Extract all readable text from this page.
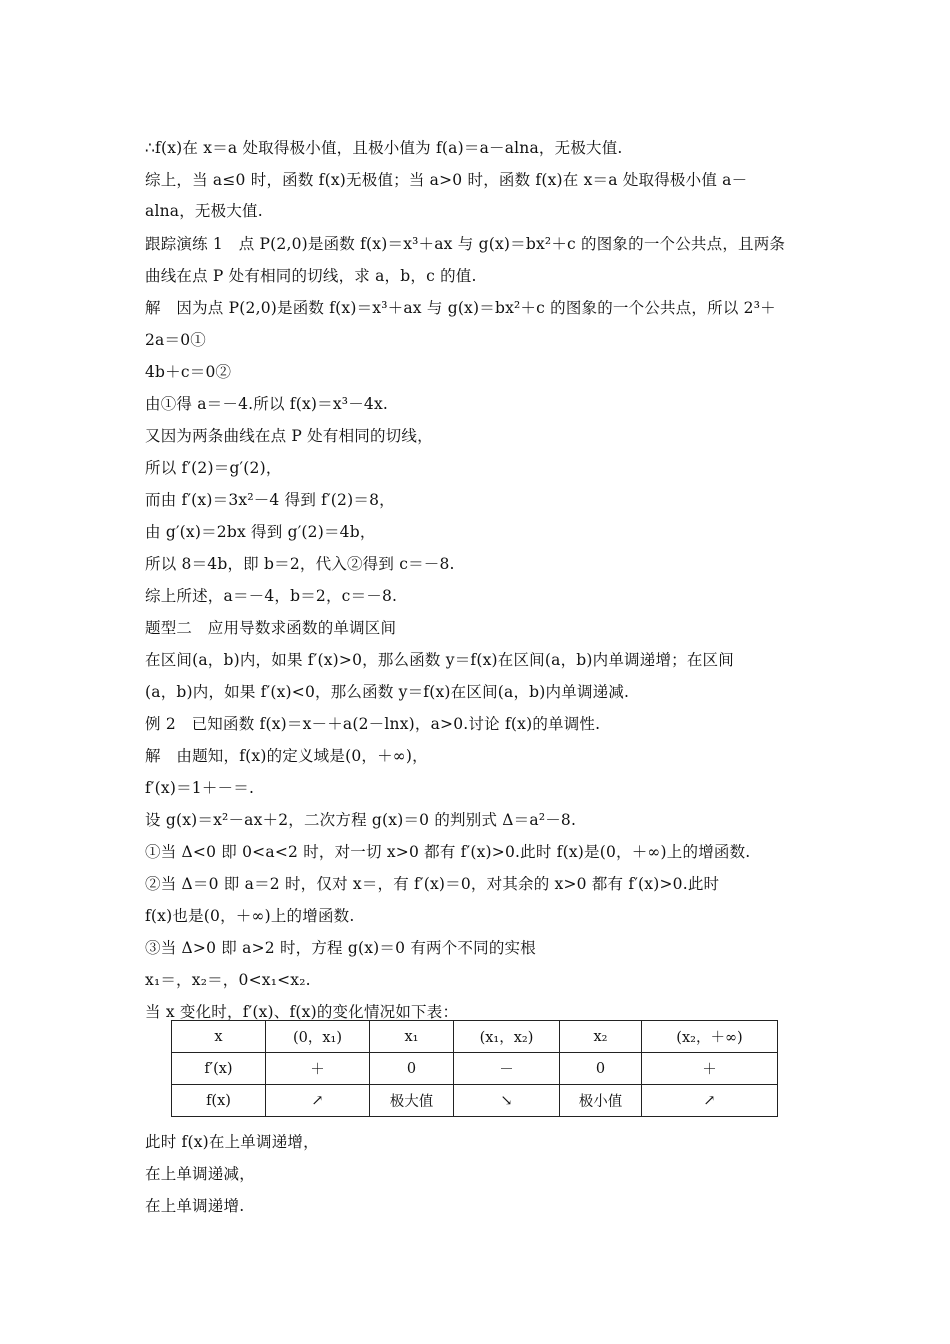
∴f(x)在 x＝a 处取得极小值，且极小值为 f(a)＝a－alna，无极大值.
综上，当 a≤0 时，函数 f(x)无极值；当 a>0 时，函数 f(x)在 x＝a 处取得极小值 a－
alna，无极大值.
跟踪演练 1　点 P(2,0)是函数 f(x)＝x³＋ax 与 g(x)＝bx²＋c 的图象的一个公共点，且两条
曲线在点 P 处有相同的切线，求 a，b，c 的值.
解　因为点 P(2,0)是函数 f(x)＝x³＋ax 与 g(x)＝bx²＋c 的图象的一个公共点，所以 2³＋
2a＝0①
4b＋c＝0②
由①得 a＝－4.所以 f(x)＝x³－4x.
又因为两条曲线在点 P 处有相同的切线，
所以 f′(2)＝g′(2)，
而由 f′(x)＝3x²－4 得到 f′(2)＝8，
由 g′(x)＝2bx 得到 g′(2)＝4b，
所以 8＝4b，即 b＝2，代入②得到 c＝－8.
综上所述，a＝－4，b＝2，c＝－8.
题型二　应用导数求函数的单调区间
在区间(a，b)内，如果 f′(x)>0，那么函数 y＝f(x)在区间(a，b)内单调递增；在区间
(a，b)内，如果 f′(x)<0，那么函数 y＝f(x)在区间(a，b)内单调递减.
例 2　已知函数 f(x)＝x－＋a(2－lnx)，a>0.讨论 f(x)的单调性.
解　由题知，f(x)的定义域是(0，＋∞)，
f′(x)＝1＋－＝.
设 g(x)＝x²－ax＋2，二次方程 g(x)＝0 的判别式 Δ＝a²－8.
①当 Δ<0 即 0<a<2 时，对一切 x>0 都有 f′(x)>0.此时 f(x)是(0，＋∞)上的增函数.
②当 Δ＝0 即 a＝2 时，仅对 x＝，有 f′(x)＝0，对其余的 x>0 都有 f′(x)>0.此时
f(x)也是(0，＋∞)上的增函数.
③当 Δ>0 即 a>2 时，方程 g(x)＝0 有两个不同的实根
x₁＝，x₂＝，0<x₁<x₂.
当 x 变化时，f′(x)、f(x)的变化情况如下表：
x	(0，x₁)	x₁	(x₁，x₂)	x₂	(x₂，＋∞)
f′(x)	＋	0	－	0	＋
f(x)	↗	极大值	↘	极小值	↗
此时 f(x)在上单调递增，
在上单调递减，
在上单调递增.
